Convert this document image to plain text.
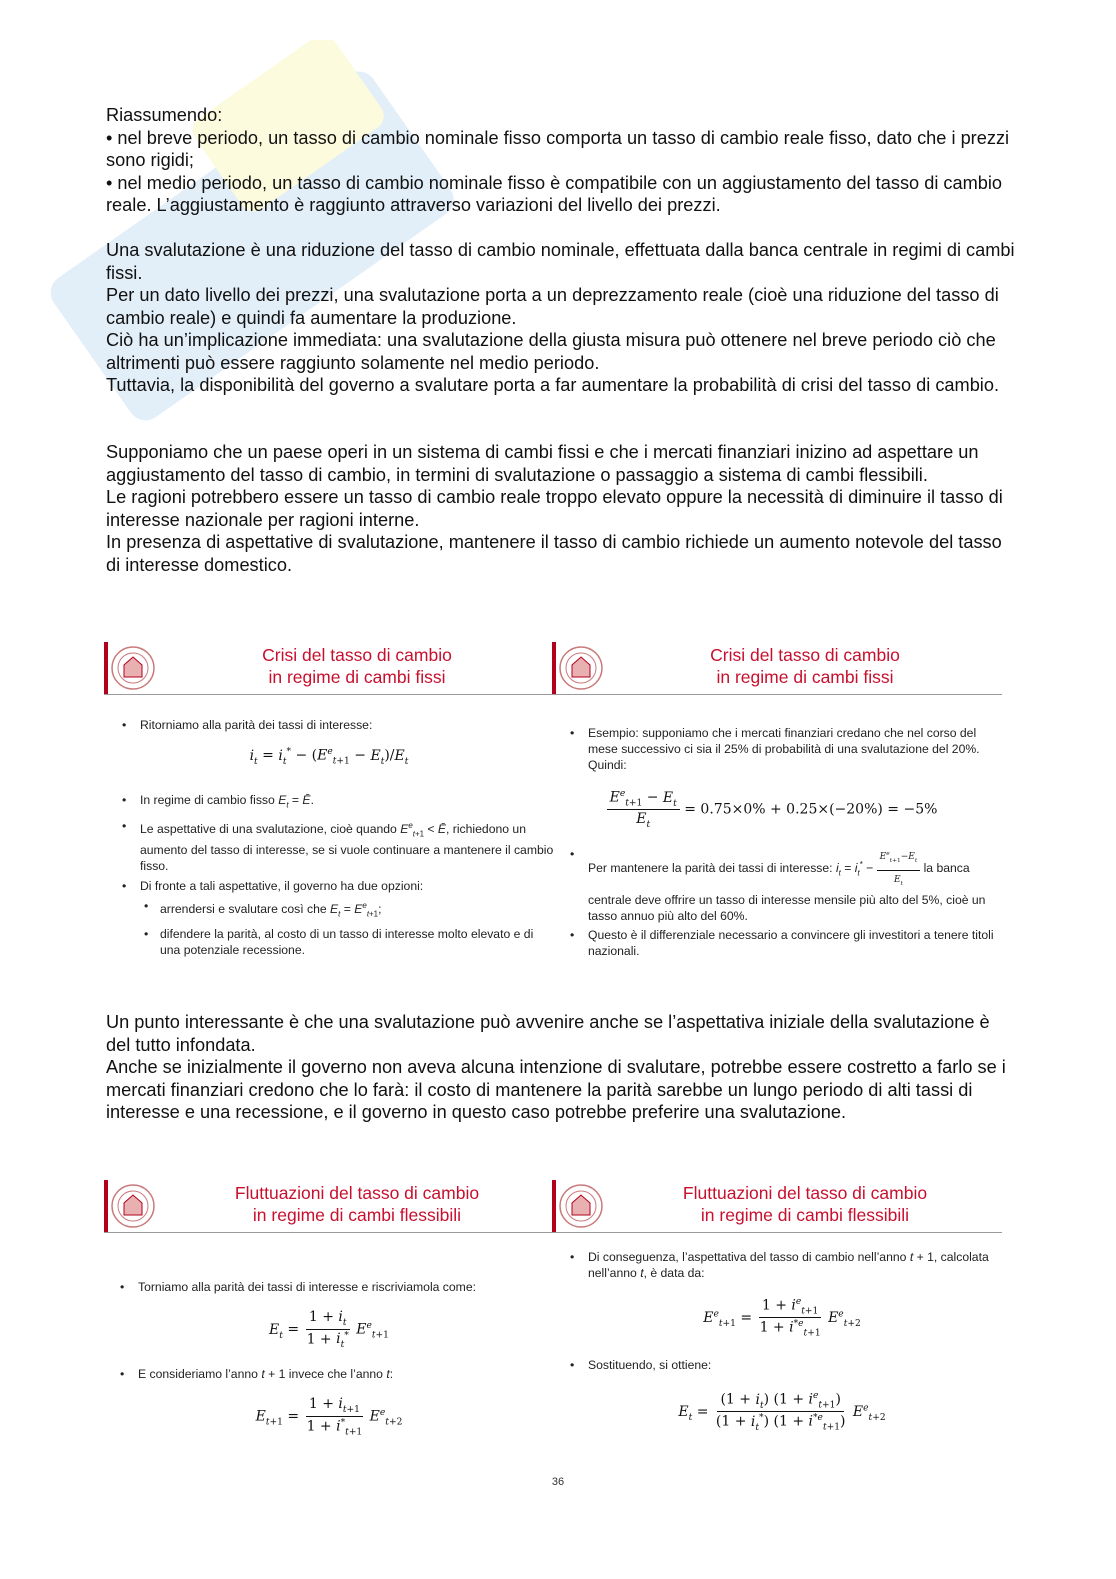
Riassumendo:

• nel breve periodo, un tasso di cambio nominale fisso comporta un tasso di cambio reale fisso, dato che i prezzi sono rigidi;

• nel medio periodo, un tasso di cambio nominale fisso è compatibile con un aggiustamento del tasso di cambio reale. L’aggiustamento è raggiunto attraverso variazioni del livello dei prezzi.

Una svalutazione è una riduzione del tasso di cambio nominale, effettuata dalla banca centrale in regimi di cambi fissi.

Per un dato livello dei prezzi, una svalutazione porta a un deprezzamento reale (cioè una riduzione del tasso di cambio reale) e quindi fa aumentare la produzione.

Ciò ha un’implicazione immediata: una svalutazione della giusta misura può ottenere nel breve periodo ciò che altrimenti può essere raggiunto solamente nel medio periodo.

Tuttavia, la disponibilità del governo a svalutare porta a far aumentare la probabilità di crisi del tasso di cambio.

Supponiamo che un paese operi in un sistema di cambi fissi e che i mercati finanziari inizino ad aspettare un aggiustamento del tasso di cambio, in termini di svalutazione o passaggio a sistema di cambi flessibili.

Le ragioni potrebbero essere un tasso di cambio reale troppo elevato oppure la necessità di diminuire il tasso di interesse nazionale per ragioni interne.

In presenza di aspettative di svalutazione, mantenere il tasso di cambio richiede un aumento notevole del tasso di interesse domestico.

Crisi del tasso di cambio
in regime di cambi fissi

• Ritorniamo alla parità dei tassi di interesse:

$i_t = i_t^* - (E^e_{t+1} - E_t)/E_t$

• In regime di cambio fisso $E_t$ = Ē.

• Le aspettative di una svalutazione, cioè quando $E^e_{t+1}$ < Ē, richiedono un aumento del tasso di interesse, se si vuole continuare a mantenere il cambio fisso.

• Di fronte a tali aspettative, il governo ha due opzioni:

• arrendersi e svalutare così che $E_t = E^e_{t+1}$;

• difendere la parità, al costo di un tasso di interesse molto elevato e di una potenziale recessione.

Crisi del tasso di cambio
in regime di cambi fissi

• Esempio: supponiamo che i mercati finanziari credano che nel corso del mese successivo ci sia il 25% di probabilità di una svalutazione del 20%. Quindi:

$\frac{E^e_{t+1} - E_t}{E_t} = 0.75\times 0\% + 0.25\times(-20\%) = -5\%$

•
Per mantenere la parità dei tassi di interesse: $i_t = i_t^* - \frac{E^e_{t+1}-E_t}{E_t}$ la banca centrale deve offrire un tasso di interesse mensile più alto del 5%, cioè un tasso annuo più alto del 60%.

• Questo è il differenziale necessario a convincere gli investitori a tenere titoli nazionali.

Un punto interessante è che una svalutazione può avvenire anche se l’aspettativa iniziale della svalutazione è del tutto infondata.

Anche se inizialmente il governo non aveva alcuna intenzione di svalutare, potrebbe essere costretto a farlo se i mercati finanziari credono che lo farà: il costo di mantenere la parità sarebbe un lungo periodo di alti tassi di interesse e una recessione, e il governo in questo caso potrebbe preferire una svalutazione.

Fluttuazioni del tasso di cambio
in regime di cambi flessibili

• Torniamo alla parità dei tassi di interesse e riscriviamola come:

$E_t = \frac{1 + i_t}{1 + i_t^*} E^e_{t+1}$

• E consideriamo l’anno t + 1 invece che l’anno t:

$E_{t+1} = \frac{1 + i_{t+1}}{1 + i^*_{t+1}} E^e_{t+2}$
Fluttuazioni del tasso di cambio
in regime di cambi flessibili

• Di conseguenza, l’aspettativa del tasso di cambio nell’anno t + 1, calcolata nell’anno t, è data da:

$E^e_{t+1} = \frac{1 + i^e_{t+1}}{1 + i^{*e}_{t+1}} E^e_{t+2}$

• Sostituendo, si ottiene:

$E_t = \frac{(1 + i_t) (1 + i^e_{t+1})}{(1 + i_t^*) (1 + i^{*e}_{t+1})} E^e_{t+2}$
36
